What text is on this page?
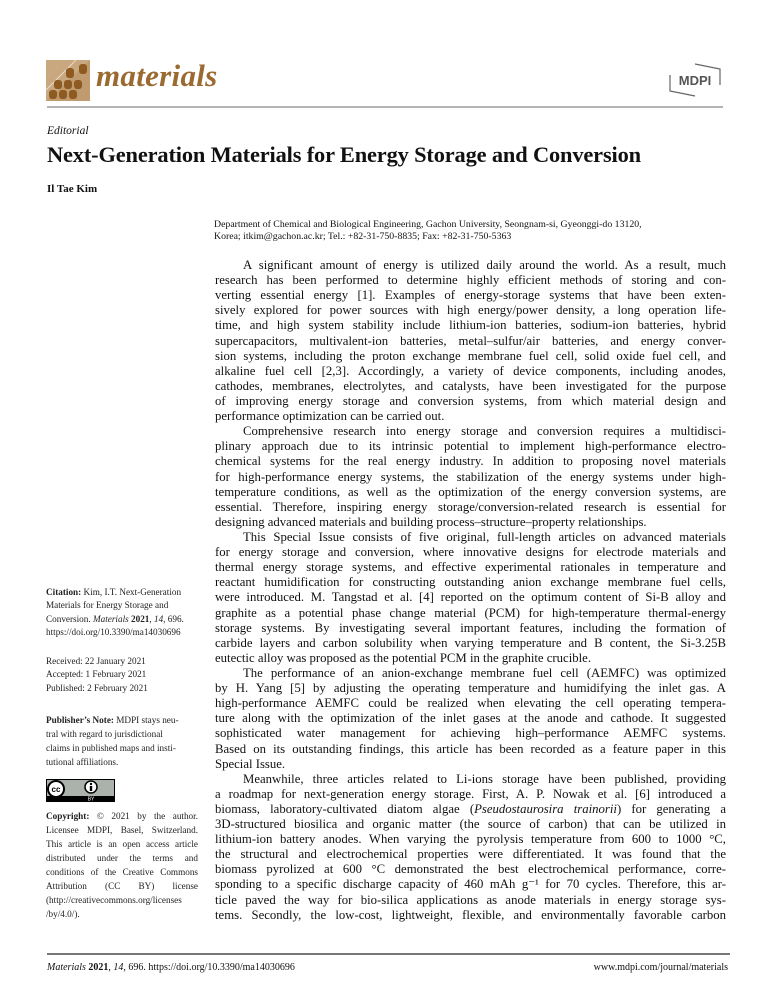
materials	MDPI
Editorial
Next-Generation Materials for Energy Storage and Conversion
Il Tae Kim
Department of Chemical and Biological Engineering, Gachon University, Seongnam-si, Gyeonggi-do 13120,
Korea; itkim@gachon.ac.kr; Tel.: +82-31-750-8835; Fax: +82-31-750-5363
Citation: Kim, I.T. Next-Generation
Materials for Energy Storage and
Conversion. Materials 2021, 14, 696.
https://doi.org/10.3390/ma14030696
Received: 22 January 2021
Accepted: 1 February 2021
Published: 2 February 2021
Publisher’s Note: MDPI stays neu-
tral with regard to jurisdictional
claims in published maps and insti-
tutional affiliations.
cc
BY
Copyright: © 2021 by the author.
Licensee MDPI, Basel, Switzerland.
This article is an open access article
distributed under the terms and
conditions of the Creative Commons
Attribution (CC BY) license
(http://creativecommons.org/licenses
/by/4.0/).
A significant amount of energy is utilized daily around the world. As a result, much
research has been performed to determine highly efficient methods of storing and con-
verting essential energy [1]. Examples of energy-storage systems that have been exten-
sively explored for power sources with high energy/power density, a long operation life-
time, and high system stability include lithium-ion batteries, sodium-ion batteries, hybrid
supercapacitors, multivalent-ion batteries, metal–sulfur/air batteries, and energy conver-
sion systems, including the proton exchange membrane fuel cell, solid oxide fuel cell, and
alkaline fuel cell [2,3]. Accordingly, a variety of device components, including anodes,
cathodes, membranes, electrolytes, and catalysts, have been investigated for the purpose
of improving energy storage and conversion systems, from which material design and
performance optimization can be carried out.
Comprehensive research into energy storage and conversion requires a multidisci-
plinary approach due to its intrinsic potential to implement high-performance electro-
chemical systems for the real energy industry. In addition to proposing novel materials
for high-performance energy systems, the stabilization of the energy systems under high-
temperature conditions, as well as the optimization of the energy conversion systems, are
essential. Therefore, inspiring energy storage/conversion-related research is essential for
designing advanced materials and building process–structure–property relationships.
This Special Issue consists of five original, full-length articles on advanced materials
for energy storage and conversion, where innovative designs for electrode materials and
thermal energy storage systems, and effective experimental rationales in temperature and
reactant humidification for constructing outstanding anion exchange membrane fuel cells,
were introduced. M. Tangstad et al. [4] reported on the optimum content of Si-B alloy and
graphite as a potential phase change material (PCM) for high-temperature thermal-energy
storage systems. By investigating several important features, including the formation of
carbide layers and carbon solubility when varying temperature and B content, the Si-3.25B
eutectic alloy was proposed as the potential PCM in the graphite crucible.
The performance of an anion-exchange membrane fuel cell (AEMFC) was optimized
by H. Yang [5] by adjusting the operating temperature and humidifying the inlet gas. A
high-performance AEMFC could be realized when elevating the cell operating tempera-
ture along with the optimization of the inlet gases at the anode and cathode. It suggested
sophisticated water management for achieving high–performance AEMFC systems.
Based on its outstanding findings, this article has been recorded as a feature paper in this
Special Issue.
Meanwhile, three articles related to Li-ions storage have been published, providing
a roadmap for next-generation energy storage. First, A. P. Nowak et al. [6] introduced a
biomass, laboratory-cultivated diatom algae (Pseudostaurosira trainorii) for generating a
3D-structured biosilica and organic matter (the source of carbon) that can be utilized in
lithium-ion battery anodes. When varying the pyrolysis temperature from 600 to 1000 °C,
the structural and electrochemical properties were differentiated. It was found that the
biomass pyrolized at 600 °C demonstrated the best electrochemical performance, corre-
sponding to a specific discharge capacity of 460 mAh g⁻¹ for 70 cycles. Therefore, this ar-
ticle paved the way for bio-silica applications as anode materials in energy storage sys-
tems. Secondly, the low-cost, lightweight, flexible, and environmentally favorable carbon
Materials 2021, 14, 696. https://doi.org/10.3390/ma14030696	www.mdpi.com/journal/materials
